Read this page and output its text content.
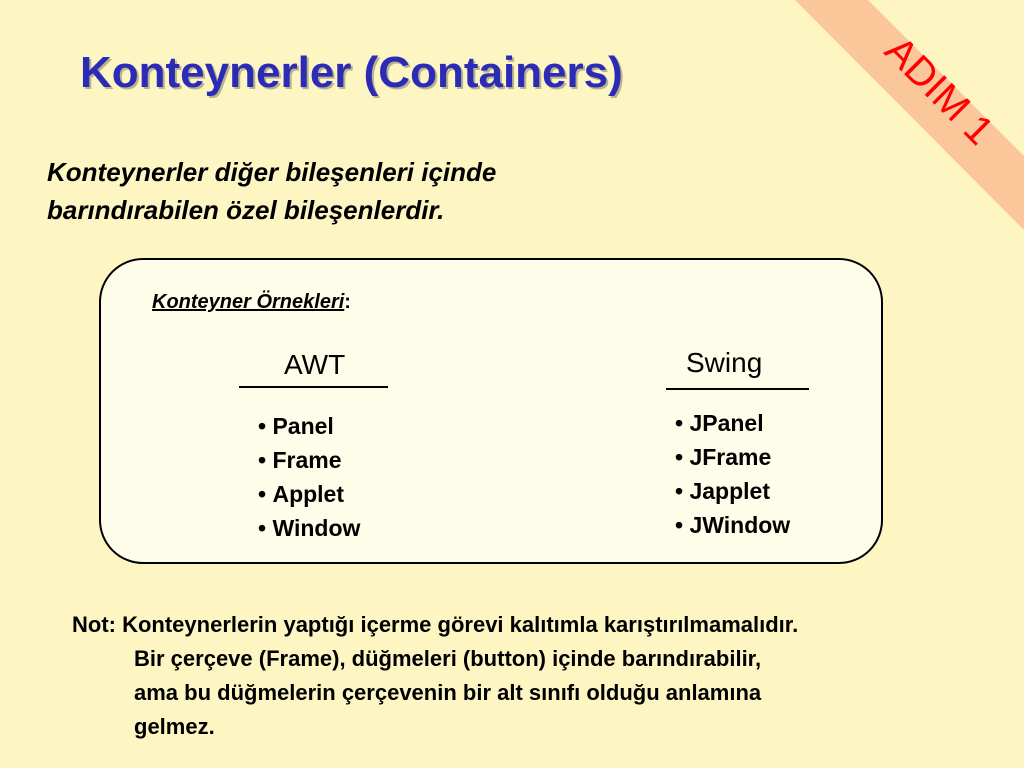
ADIM 1
Konteynerler (Containers)
Konteynerler diğer bileşenleri içinde
barındırabilen özel bileşenlerdir.
Konteyner Örnekleri:
AWT
• Panel
• Frame
• Applet
• Window
Swing
• JPanel
• JFrame
• Japplet
• JWindow
Not: Konteynerlerin yaptığı içerme görevi kalıtımla karıştırılmamalıdır.
Bir çerçeve (Frame), düğmeleri (button) içinde barındırabilir,
ama bu düğmelerin çerçevenin bir alt sınıfı olduğu anlamına
gelmez.
